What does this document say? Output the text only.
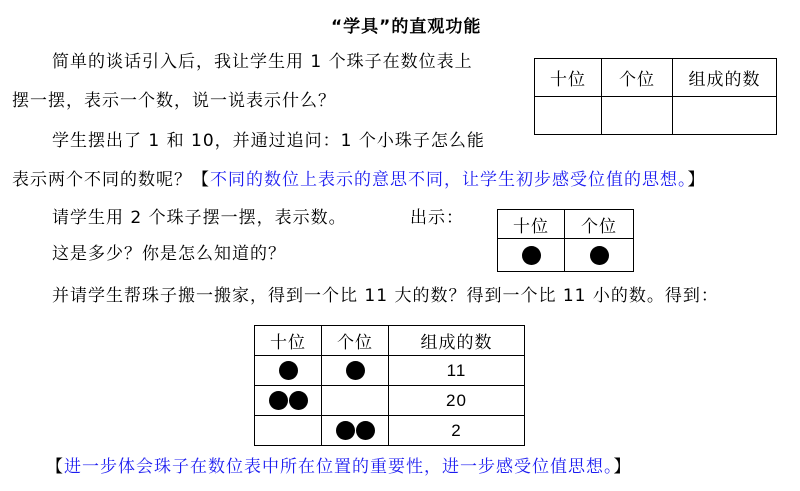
“学具”的直观功能
简单的谈话引入后，我让学生用 1 个珠子在数位表上
摆一摆，表示一个数，说一说表示什么？
十位	个位	组成的数

学生摆出了 1 和 10，并通过追问：1 个小珠子怎么能
表示两个不同的数呢？【不同的数位上表示的意思不同，让学生初步感受位值的思想。】
请学生用 2 个珠子摆一摆，表示数。	出示：	十位	个位

这是多少？你是怎么知道的？
并请学生帮珠子搬一搬家，得到一个比 11 大的数？得到一个比 11 小的数。得到：
十位	个位	组成的数
		11
		20
		2
【进一步体会珠子在数位表中所在位置的重要性，进一步感受位值思想。】
